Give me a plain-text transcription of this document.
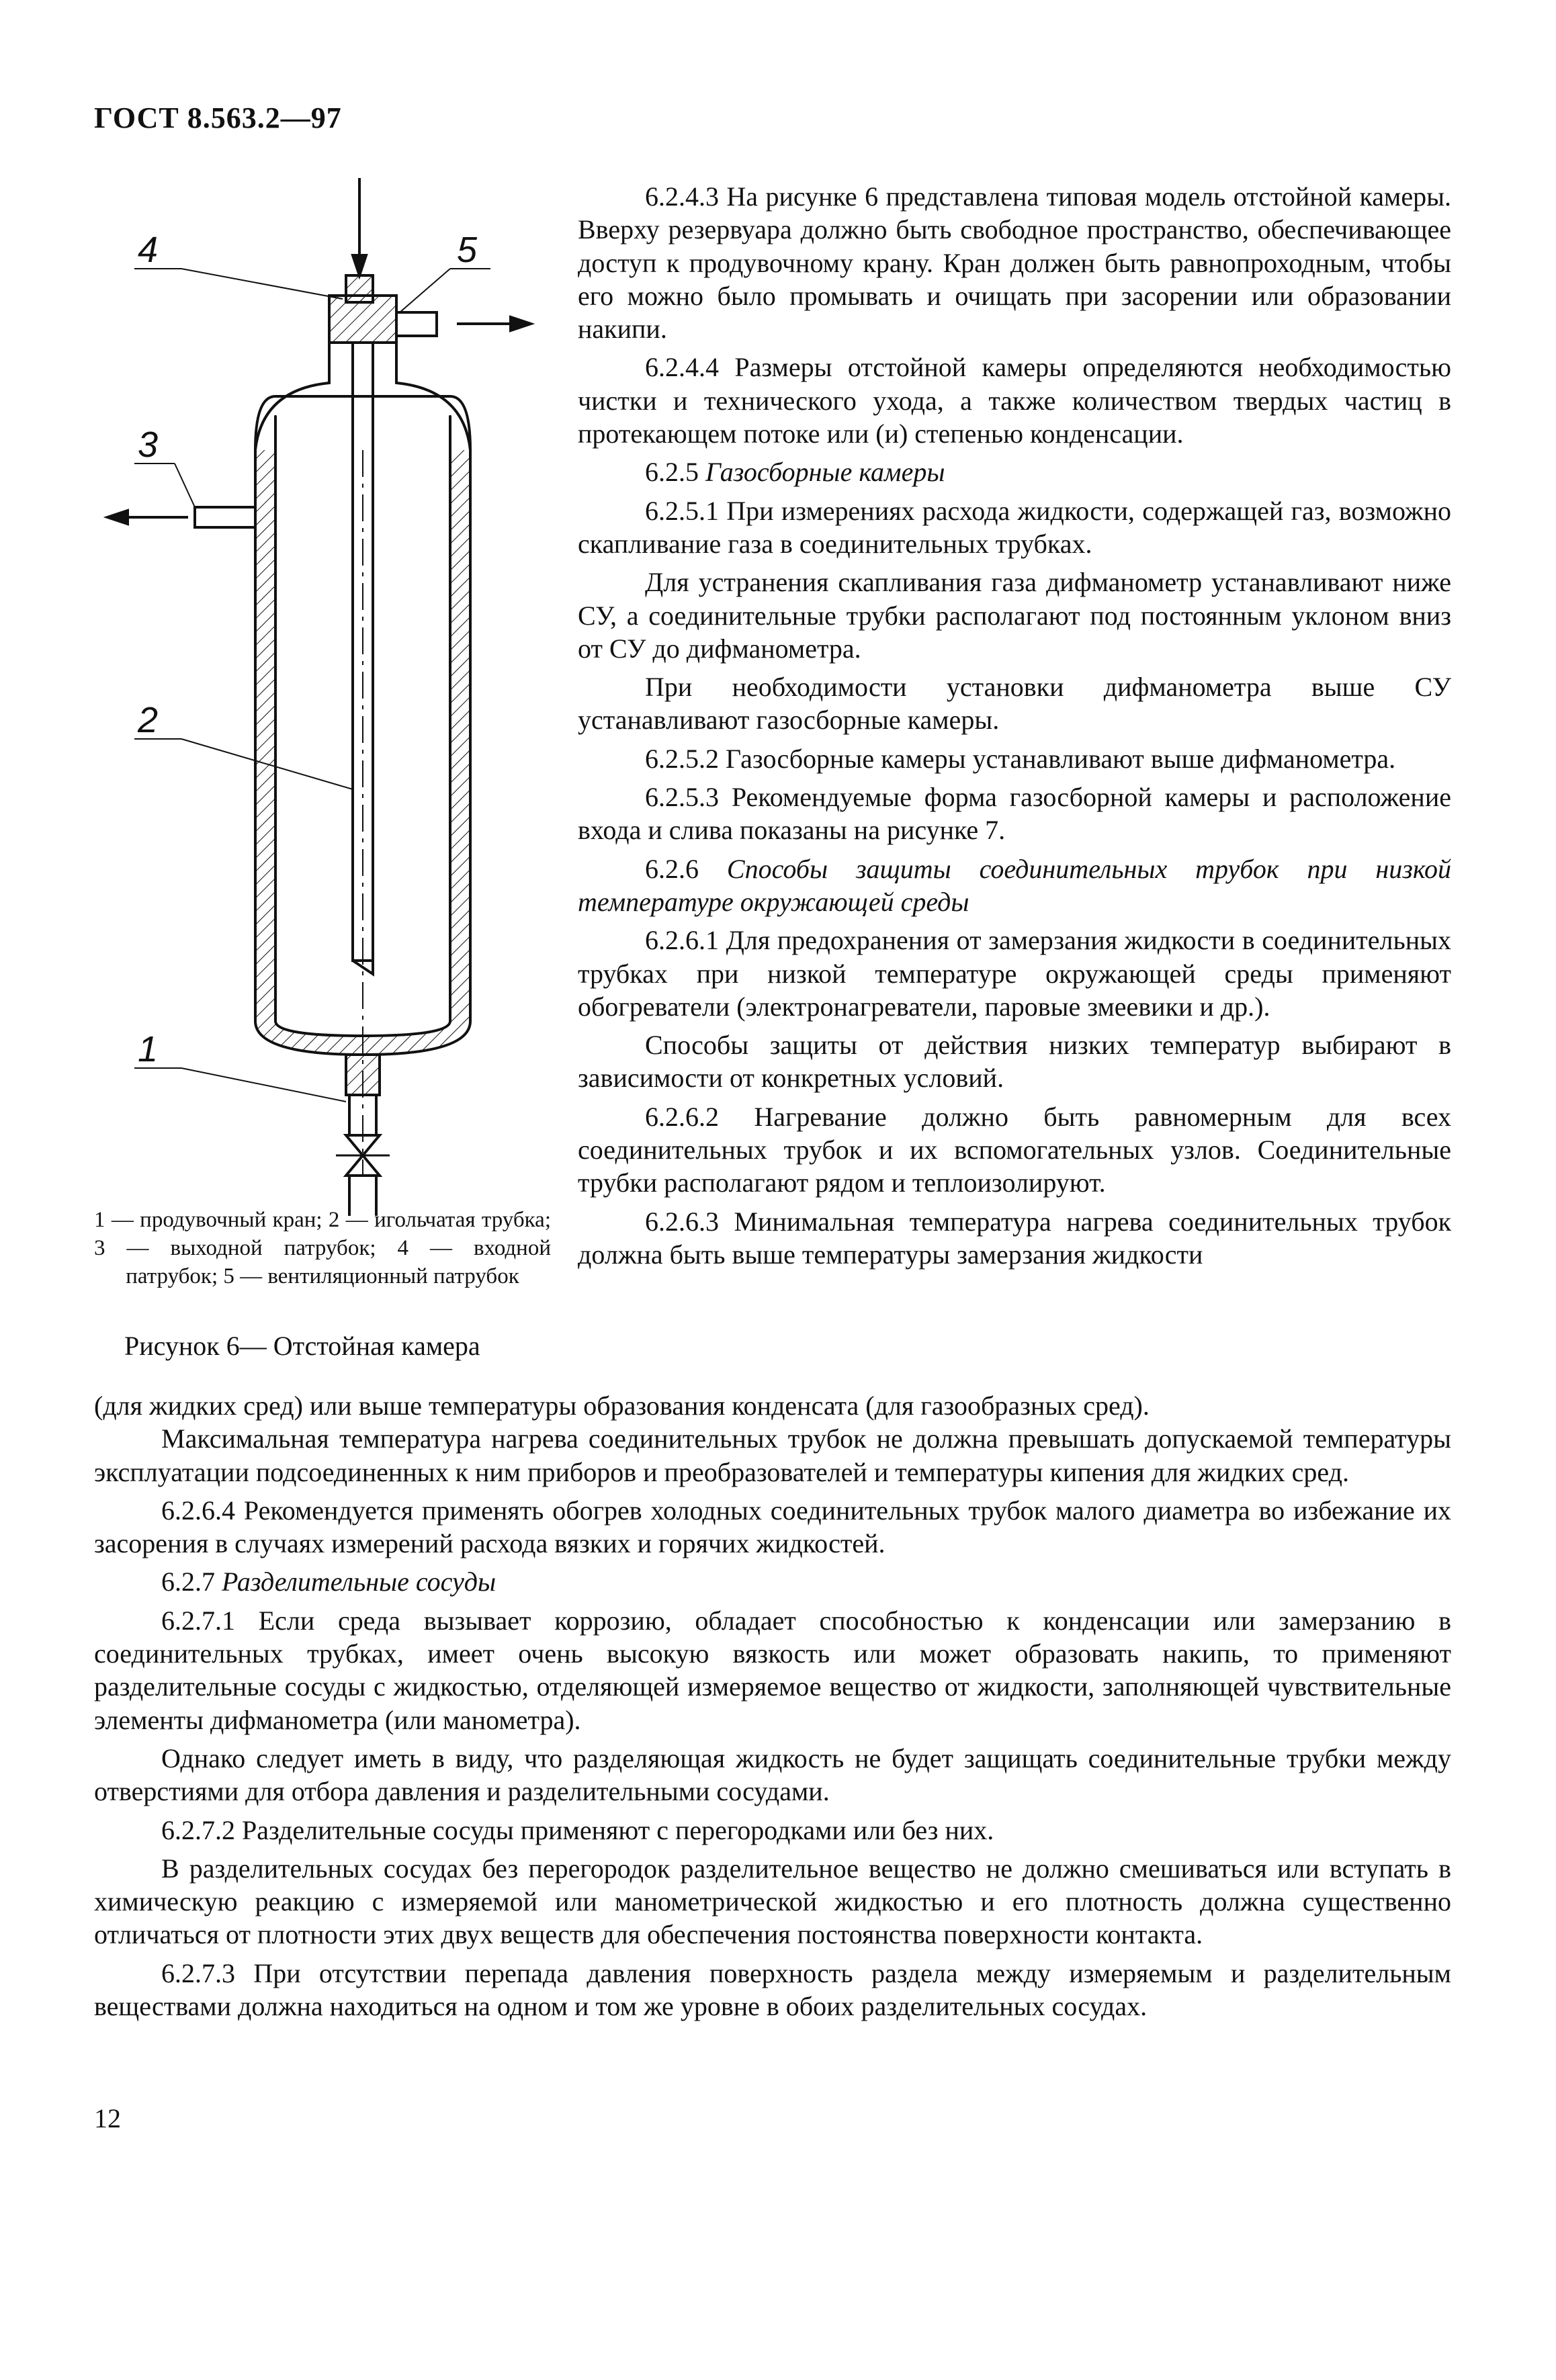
ГОСТ 8.563.2—97
4	5
3
2
1
1 — продувочный кран; 2 — игольчатая трубка; 3 — выходной патрубок; 4 — входной патрубок; 5 — вентиляционный патрубок
Рисунок 6— Отстойная камера

6.2.4.3 На рисунке 6 представлена типовая модель отстойной камеры. Вверху резервуара должно быть свободное пространство, обеспечивающее доступ к продувочному крану. Кран должен быть равнопроходным, чтобы его можно было промывать и очищать при засорении или образовании накипи.

6.2.4.4 Размеры отстойной камеры определяются необходимостью чистки и технического ухода, а также количеством твердых частиц в протекающем потоке или (и) степенью конденсации.

6.2.5 Газосборные камеры

6.2.5.1 При измерениях расхода жидкости, содержащей газ, возможно скапливание газа в соединительных трубках.

Для устранения скапливания газа дифманометр устанавливают ниже СУ, а соединительные трубки располагают под постоянным уклоном вниз от СУ до дифманометра.

При необходимости установки дифманометра выше СУ устанавливают газосборные камеры.

6.2.5.2 Газосборные камеры устанавливают выше дифманометра.

6.2.5.3 Рекомендуемые форма газосборной камеры и расположение входа и слива показаны на рисунке 7.

6.2.6 Способы защиты соединительных трубок при низкой температуре окружающей среды

6.2.6.1 Для предохранения от замерзания жидкости в соединительных трубках при низкой температуре окружающей среды применяют обогреватели (электронагреватели, паровые змеевики и др.).

Способы защиты от действия низких температур выбирают в зависимости от конкретных условий.

6.2.6.2 Нагревание должно быть равномерным для всех соединительных трубок и их вспомогательных узлов. Соединительные трубки располагают рядом и теплоизолируют.

6.2.6.3 Минимальная температура нагрева соединительных трубок должна быть выше температуры замерзания жидкости

(для жидких сред) или выше температуры образования конденсата (для газообразных сред).

Максимальная температура нагрева соединительных трубок не должна превышать допускаемой температуры эксплуатации подсоединенных к ним приборов и преобразователей и температуры кипения для жидких сред.

6.2.6.4 Рекомендуется применять обогрев холодных соединительных трубок малого диаметра во избежание их засорения в случаях измерений расхода вязких и горячих жидкостей.

6.2.7 Разделительные сосуды

6.2.7.1 Если среда вызывает коррозию, обладает способностью к конденсации или замерзанию в соединительных трубках, имеет очень высокую вязкость или может образовать накипь, то применяют разделительные сосуды с жидкостью, отделяющей измеряемое вещество от жидкости, заполняющей чувствительные элементы дифманометра (или манометра).

Однако следует иметь в виду, что разделяющая жидкость не будет защищать соединительные трубки между отверстиями для отбора давления и разделительными сосудами.

6.2.7.2 Разделительные сосуды применяют с перегородками или без них.

В разделительных сосудах без перегородок разделительное вещество не должно смешиваться или вступать в химическую реакцию с измеряемой или манометрической жидкостью и его плотность должна существенно отличаться от плотности этих двух веществ для обеспечения постоянства поверхности контакта.

6.2.7.3 При отсутствии перепада давления поверхность раздела между измеряемым и разделительным веществами должна находиться на одном и том же уровне в обоих разделительных сосудах.

12
